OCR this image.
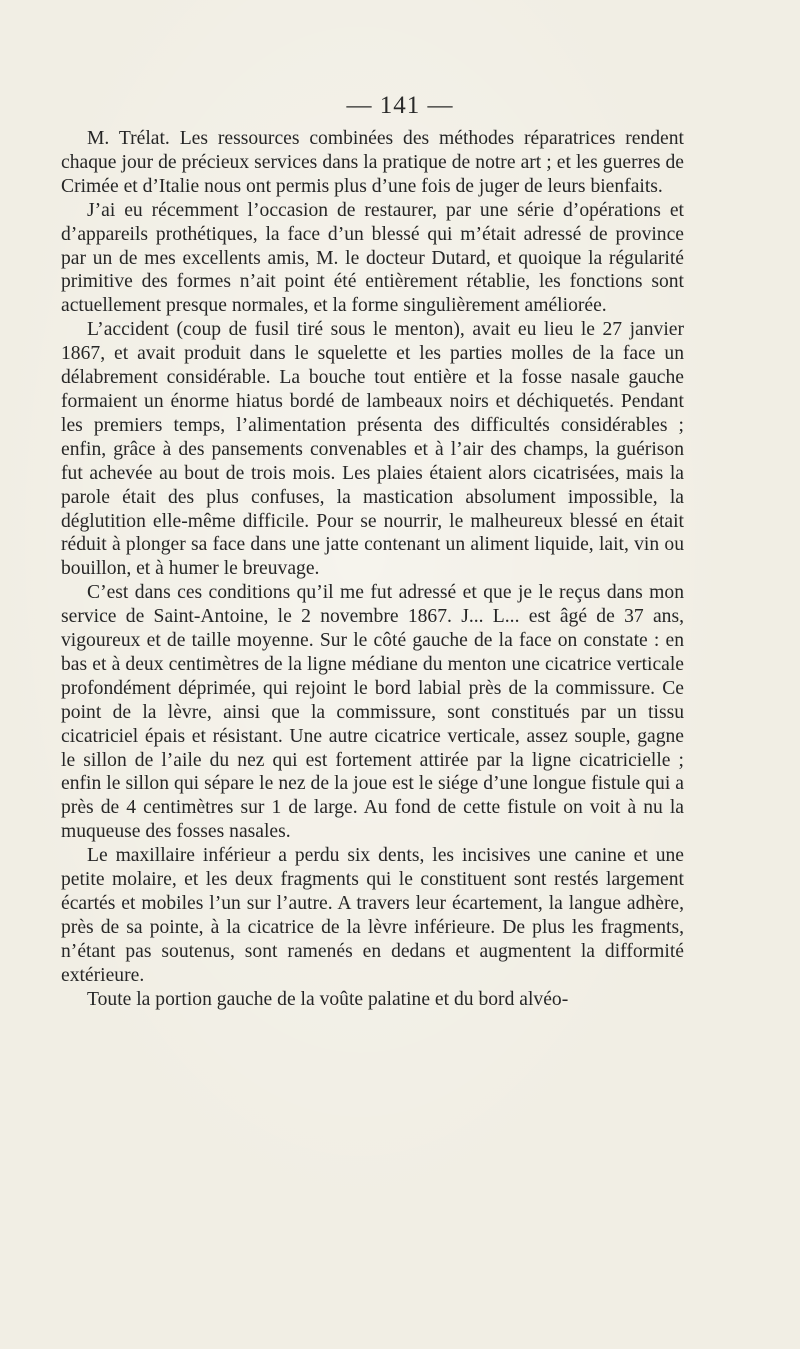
— 141 —

M. Trélat. Les ressources combinées des méthodes réparatrices rendent chaque jour de précieux services dans la pratique de notre art ; et les guerres de Crimée et d’Italie nous ont permis plus d’une fois de juger de leurs bienfaits.

J’ai eu récemment l’occasion de restaurer, par une série d’opérations et d’appareils prothétiques, la face d’un blessé qui m’était adressé de province par un de mes excellents amis, M. le docteur Dutard, et quoique la régularité primitive des formes n’ait point été entièrement rétablie, les fonctions sont actuellement presque normales, et la forme singulièrement améliorée.

L’accident (coup de fusil tiré sous le menton), avait eu lieu le 27 janvier 1867, et avait produit dans le squelette et les parties molles de la face un délabrement considérable. La bouche tout entière et la fosse nasale gauche formaient un énorme hiatus bordé de lambeaux noirs et déchiquetés. Pendant les premiers temps, l’alimentation présenta des difficultés considérables ; enfin, grâce à des pansements convenables et à l’air des champs, la guérison fut achevée au bout de trois mois. Les plaies étaient alors cicatrisées, mais la parole était des plus confuses, la mastication absolument impossible, la déglutition elle-même difficile. Pour se nourrir, le malheureux blessé en était réduit à plonger sa face dans une jatte contenant un aliment liquide, lait, vin ou bouillon, et à humer le breuvage.

C’est dans ces conditions qu’il me fut adressé et que je le reçus dans mon service de Saint-Antoine, le 2 novembre 1867. J... L... est âgé de 37 ans, vigoureux et de taille moyenne. Sur le côté gauche de la face on constate : en bas et à deux centimètres de la ligne médiane du menton une cicatrice verticale profondément déprimée, qui rejoint le bord labial près de la commissure. Ce point de la lèvre, ainsi que la commissure, sont constitués par un tissu cicatriciel épais et résistant. Une autre cicatrice verticale, assez souple, gagne le sillon de l’aile du nez qui est fortement attirée par la ligne cicatricielle ; enfin le sillon qui sépare le nez de la joue est le siége d’une longue fistule qui a près de 4 centimètres sur 1 de large. Au fond de cette fistule on voit à nu la muqueuse des fosses nasales.

Le maxillaire inférieur a perdu six dents, les incisives une canine et une petite molaire, et les deux fragments qui le constituent sont restés largement écartés et mobiles l’un sur l’autre. A travers leur écartement, la langue adhère, près de sa pointe, à la cicatrice de la lèvre inférieure. De plus les fragments, n’étant pas soutenus, sont ramenés en dedans et augmentent la difformité extérieure.

Toute la portion gauche de la voûte palatine et du bord alvéo-
